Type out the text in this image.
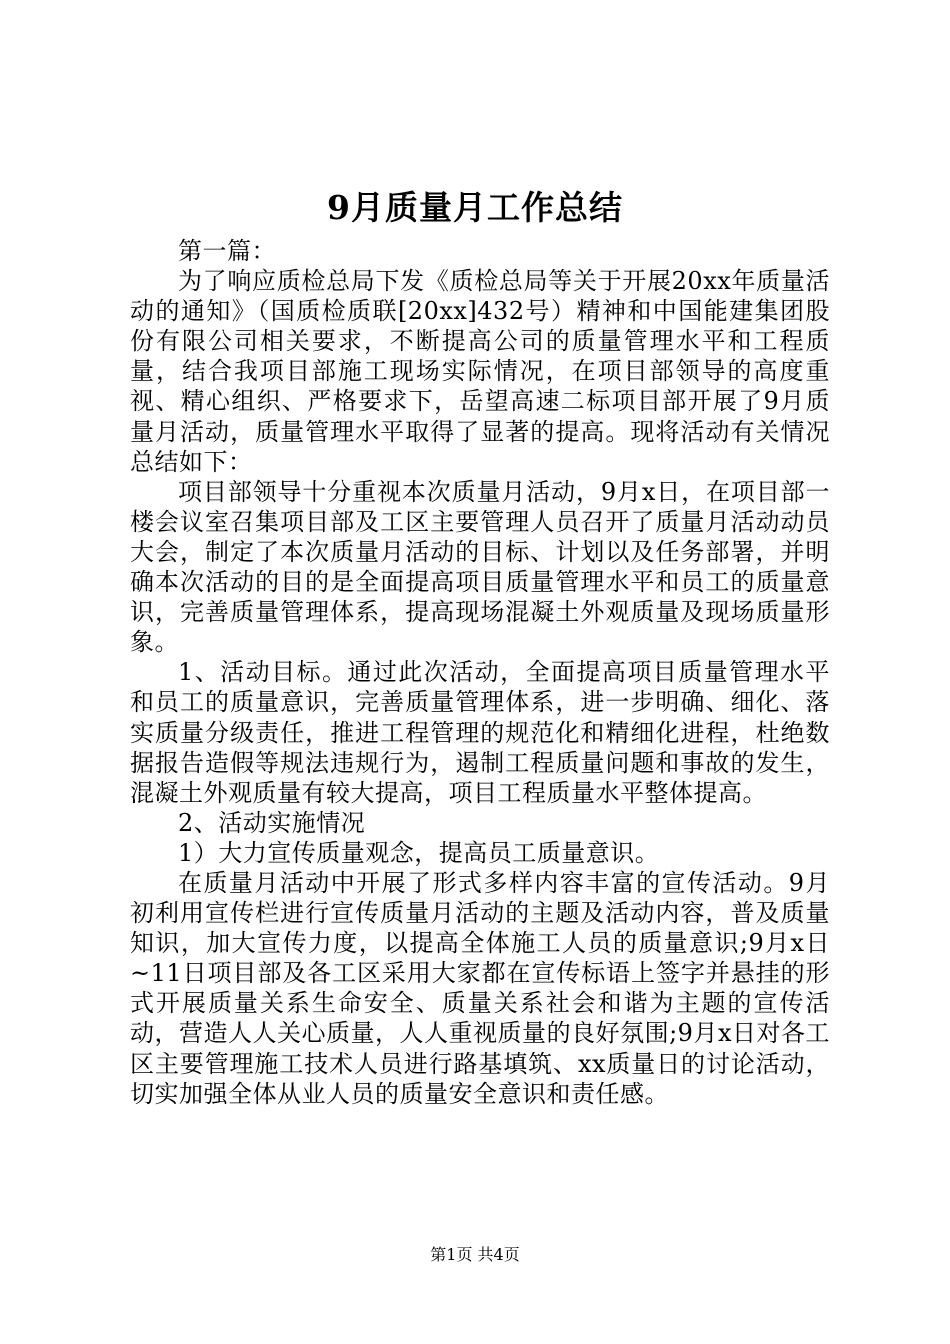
9月质量月工作总结

第一篇：

为了响应质检总局下发《质检总局等关于开展20xx年质量活动的通知》（国质检质联[20xx]432号）精神和中国能建集团股份有限公司相关要求，不断提高公司的质量管理水平和工程质量，结合我项目部施工现场实际情况，在项目部领导的高度重视、精心组织、严格要求下，岳望高速二标项目部开展了9月质量月活动，质量管理水平取得了显著的提高。现将活动有关情况总结如下：

项目部领导十分重视本次质量月活动，9月x日，在项目部一楼会议室召集项目部及工区主要管理人员召开了质量月活动动员大会，制定了本次质量月活动的目标、计划以及任务部署，并明确本次活动的目的是全面提高项目质量管理水平和员工的质量意识，完善质量管理体系，提高现场混凝土外观质量及现场质量形象。

1、活动目标。通过此次活动，全面提高项目质量管理水平和员工的质量意识，完善质量管理体系，进一步明确、细化、落实质量分级责任，推进工程管理的规范化和精细化进程，杜绝数据报告造假等规法违规行为，遏制工程质量问题和事故的发生，混凝土外观质量有较大提高，项目工程质量水平整体提高。

2、活动实施情况

1）大力宣传质量观念，提高员工质量意识。

在质量月活动中开展了形式多样内容丰富的宣传活动。9月初利用宣传栏进行宣传质量月活动的主题及活动内容，普及质量知识，加大宣传力度，以提高全体施工人员的质量意识;9月x日~11日项目部及各工区采用大家都在宣传标语上签字并悬挂的形式开展质量关系生命安全、质量关系社会和谐为主题的宣传活动，营造人人关心质量，人人重视质量的良好氛围;9月x日对各工区主要管理施工技术人员进行路基填筑、xx质量日的讨论活动，切实加强全体从业人员的质量安全意识和责任感。

第1页 共4页
